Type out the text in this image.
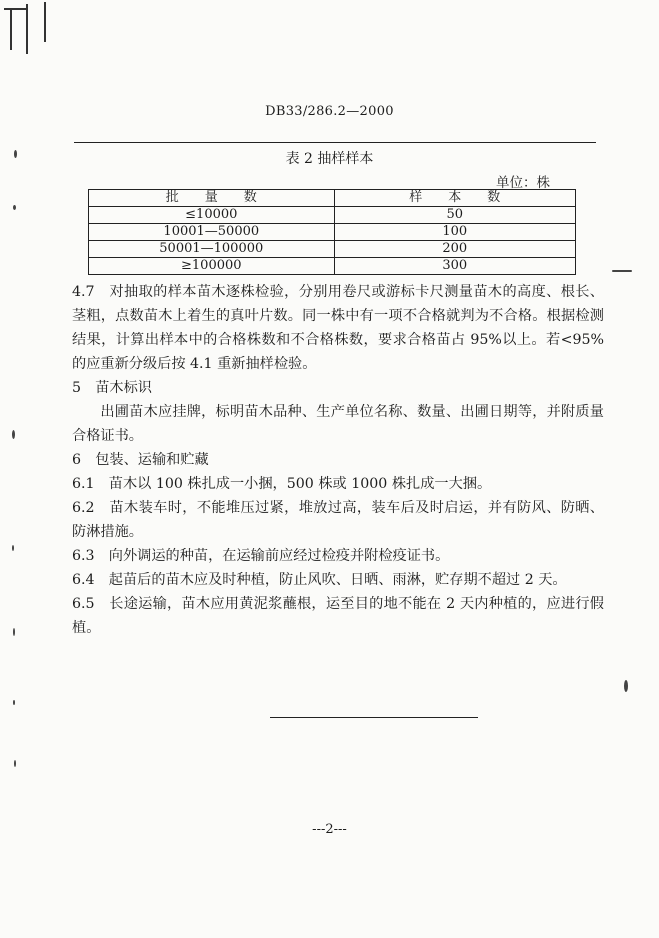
DB33/286.2—2000
表 2 抽样样本
单位：株
批　　量　　数	样　　本　　数
≤10000	50
10001—50000	100
50001—100000	200
≥100000	300

4.7　对抽取的样本苗木逐株检验，分别用卷尺或游标卡尺测量苗木的高度、根长、茎粗，点数苗木上着生的真叶片数。同一株中有一项不合格就判为不合格。根据检测结果，计算出样本中的合格株数和不合格株数，要求合格苗占 95%以上。若<95%的应重新分级后按 4.1 重新抽样检验。

5　苗木标识

出圃苗木应挂牌，标明苗木品种、生产单位名称、数量、出圃日期等，并附质量合格证书。

6　包装、运输和贮藏

6.1　苗木以 100 株扎成一小捆，500 株或 1000 株扎成一大捆。

6.2　苗木装车时，不能堆压过紧，堆放过高，装车后及时启运，并有防风、防晒、防淋措施。

6.3　向外调运的种苗，在运输前应经过检疫并附检疫证书。

6.4　起苗后的苗木应及时种植，防止风吹、日晒、雨淋，贮存期不超过 2 天。

6.5　长途运输，苗木应用黄泥浆蘸根，运至目的地不能在 2 天内种植的，应进行假植。

---2---
